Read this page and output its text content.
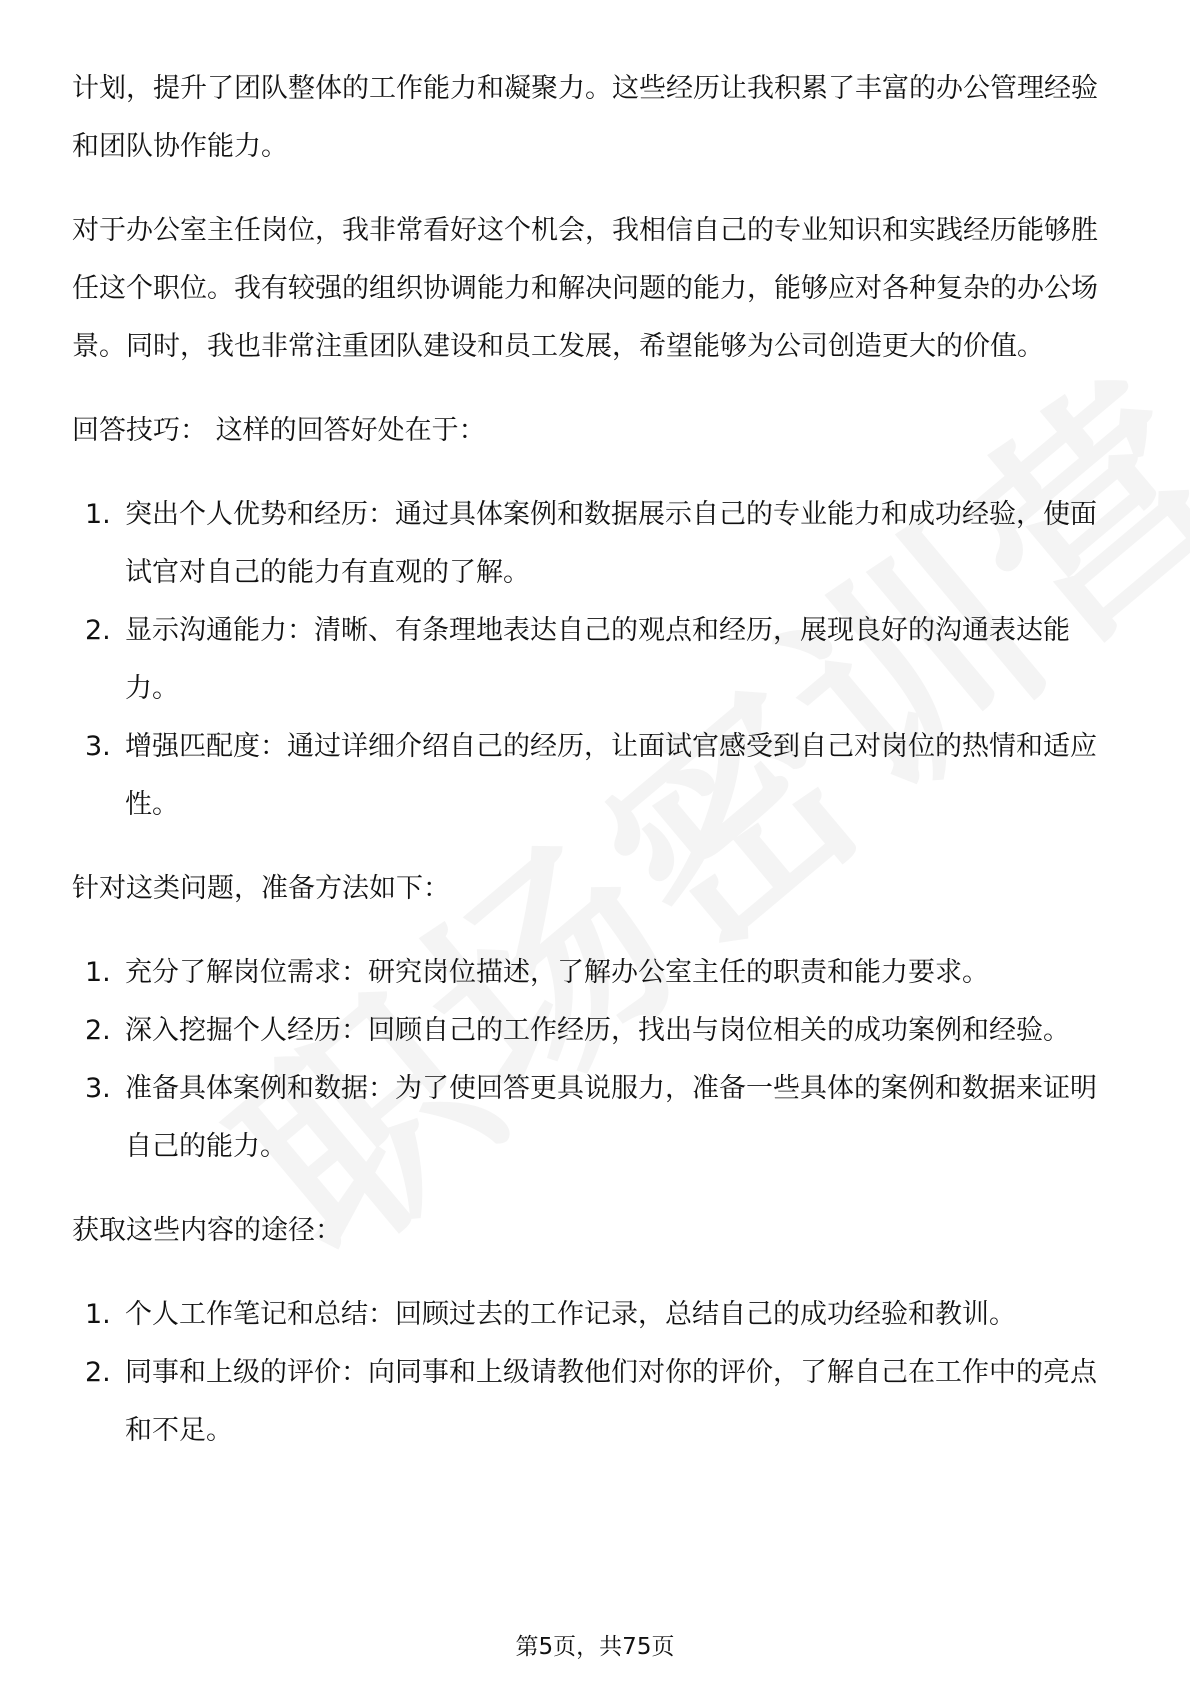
计划，提升了团队整体的工作能力和凝聚力。这些经历让我积累了丰富的办公管理经验和团队协作能力。

对于办公室主任岗位，我非常看好这个机会，我相信自己的专业知识和实践经历能够胜任这个职位。我有较强的组织协调能力和解决问题的能力，能够应对各种复杂的办公场景。同时，我也非常注重团队建设和员工发展，希望能够为公司创造更大的价值。

回答技巧： 这样的回答好处在于：

1. 突出个人优势和经历：通过具体案例和数据展示自己的专业能力和成功经验，使面试官对自己的能力有直观的了解。
2. 显示沟通能力：清晰、有条理地表达自己的观点和经历，展现良好的沟通表达能力。
3. 增强匹配度：通过详细介绍自己的经历，让面试官感受到自己对岗位的热情和适应性。

针对这类问题，准备方法如下：

1. 充分了解岗位需求：研究岗位描述，了解办公室主任的职责和能力要求。
2. 深入挖掘个人经历：回顾自己的工作经历，找出与岗位相关的成功案例和经验。
3. 准备具体案例和数据：为了使回答更具说服力，准备一些具体的案例和数据来证明自己的能力。

获取这些内容的途径：

1. 个人工作笔记和总结：回顾过去的工作记录，总结自己的成功经验和教训。
2. 同事和上级的评价：向同事和上级请教他们对你的评价，了解自己在工作中的亮点和不足。
第5页，共75页
